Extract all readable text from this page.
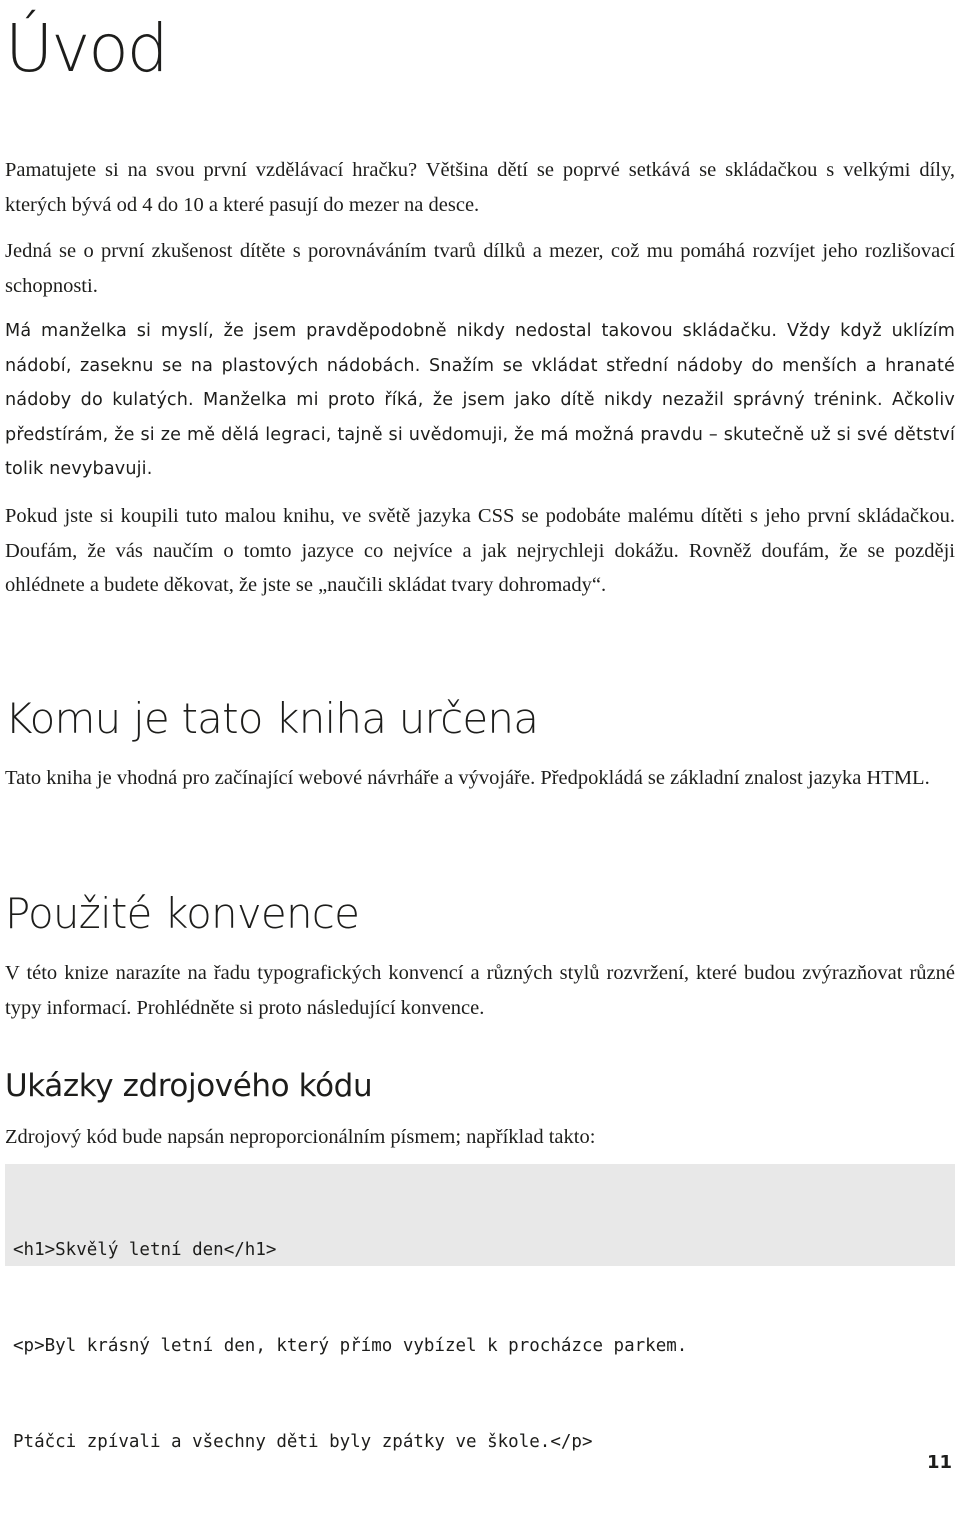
Úvod

Pamatujete si na svou první vzdělávací hračku? Většina dětí se poprvé setkává se skládačkou s velkými díly, kterých bývá od 4 do 10 a které pasují do mezer na desce.

Jedná se o první zkušenost dítěte s porovnáváním tvarů dílků a mezer, což mu pomáhá rozvíjet jeho rozlišovací schopnosti.

Má manželka si myslí, že jsem pravděpodobně nikdy nedostal takovou skládačku. Vždy když uklízím nádobí, zaseknu se na plastových nádobách. Snažím se vkládat střední nádoby do menších a hranaté nádoby do kulatých. Manželka mi proto říká, že jsem jako dítě nikdy nezažil správný trénink. Ačkoliv předstírám, že si ze mě dělá legraci, tajně si uvědomuji, že má možná pravdu – skutečně už si své dětství tolik nevybavuji.

Pokud jste si koupili tuto malou knihu, ve světě jazyka CSS se podobáte malému dítěti s jeho první skládačkou. Doufám, že vás naučím o tomto jazyce co nejvíce a jak nejrychleji dokážu. Rovněž doufám, že se později ohlédnete a budete děkovat, že jste se „naučili skládat tvary dohromady“.

Komu je tato kniha určena

Tato kniha je vhodná pro začínající webové návrháře a vývojáře. Předpokládá se základní znalost jazyka HTML.

Použité konvence

V této knize narazíte na řadu typografických konvencí a různých stylů rozvržení, které budou zvýrazňovat různé typy informací. Prohlédněte si proto následující konvence.

Ukázky zdrojového kódu

Zdrojový kód bude napsán neproporcionálním písmem; například takto:

<h1>Skvělý letní den</h1>

<p>Byl krásný letní den, který přímo vybízel k procházce parkem.

Ptáčci zpívali a všechny děti byly zpátky ve škole.</p>

11
